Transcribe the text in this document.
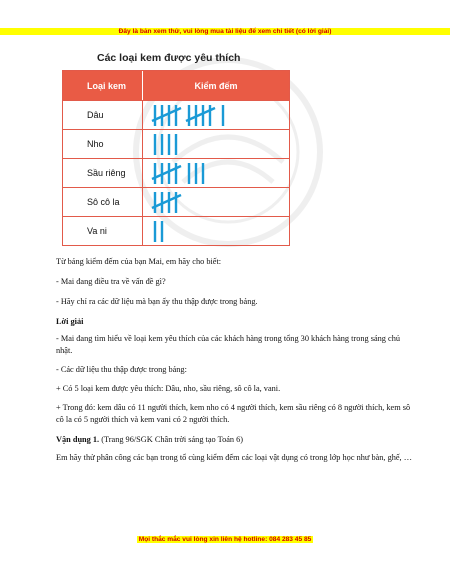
Đây là bản xem thử, vui lòng mua tài liệu để xem chi tiết (có lời giải)
Các loại kem được yêu thích
Loại kem	Kiểm đếm
Dâu
Nho
Sầu riêng
Sô cô la
Va ni
Từ bảng kiểm đếm của bạn Mai, em hãy cho biết:
- Mai đang điều tra về vấn đề gì?
- Hãy chỉ ra các dữ liệu mà bạn ấy thu thập được trong bảng.
Lời giải
- Mai đang tìm hiểu về loại kem yêu thích của các khách hàng trong tổng 30 khách hàng trong sáng chủ nhật.
- Các dữ liệu thu thập được trong bảng:
+ Có 5 loại kem được yêu thích: Dâu, nho, sầu riêng, sô cô la, vani.
+ Trong đó: kem dâu có 11 người thích, kem nho có 4 người thích, kem sầu riêng có 8 người thích, kem sô cô la có 5 người thích và kem vani có 2 người thích.
Vận dụng 1. (Trang 96/SGK Chân trời sáng tạo Toán 6)
Em hãy thử phân công các bạn trong tổ cùng kiểm đếm các loại vật dụng có trong lớp học như bàn, ghế, …
Mọi thắc mắc vui lòng xin liên hệ hotline: 084 283 45 85
